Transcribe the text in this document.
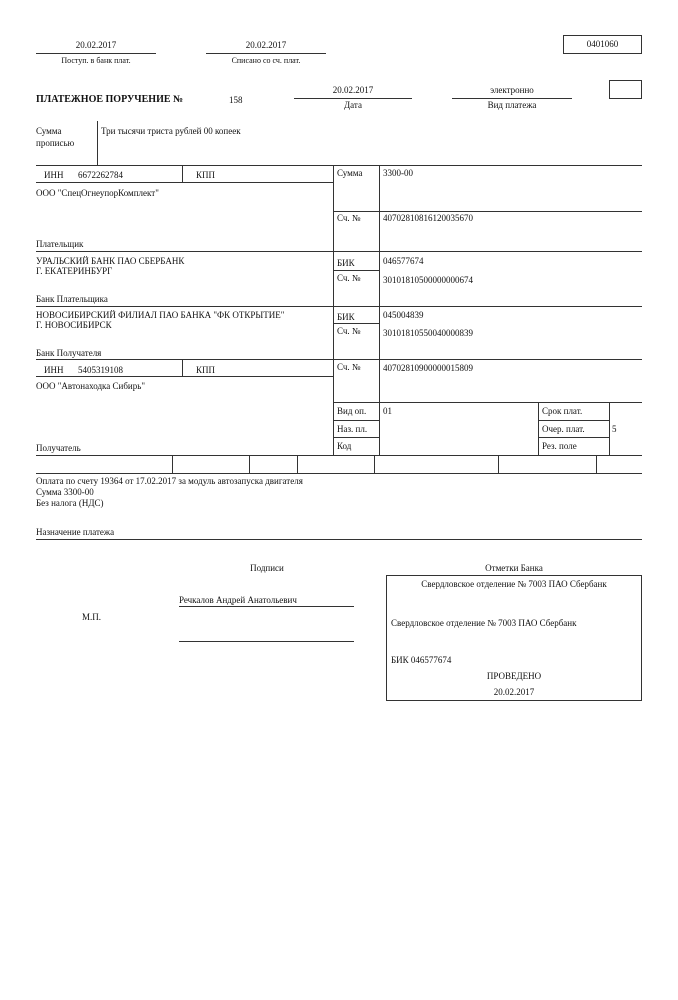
20.02.2017
Поступ. в банк плат.
20.02.2017
Списано со сч. плат.
0401060
ПЛАТЕЖНОЕ ПОРУЧЕНИЕ №	158
20.02.2017
Дата
электронно
Вид платежа
Сумма прописью
Три тысячи триста рублей 00 копеек
ИНН 6672262784	КПП
ООО "СпецОгнеупорКомплект"
Плательщик
Сумма 3300-00
Сч. №	40702810816120035670
УРАЛЬСКИЙ БАНК ПАО СБЕРБАНК
Г. ЕКАТЕРИНБУРГ
Банк Плательщика
БИК	046577674
Сч. №	30101810500000000674
НОВОСИБИРСКИЙ ФИЛИАЛ ПАО БАНКА "ФК ОТКРЫТИЕ"
Г. НОВОСИБИРСК
Банк Получателя
БИК	045004839
Сч. №	30101810550040000839
ИНН 5405319108	КПП
ООО "Автонаходка Сибирь"
Получатель
Сч. №	40702810900000015809
Вид оп. 01
Наз. пл.
Код
Срок плат.
Очер. плат.	5
Рез. поле
Оплата по счету 19364 от 17.02.2017 за модуль автозапуска двигателя
Сумма 3300-00
Без налога (НДС)
Назначение платежа
Подписи
Речкалов Андрей Анатольевич
М.П.
Отметки Банка
Свердловское отделение № 7003 ПАО Сбербанк
Свердловское отделение № 7003 ПАО Сбербанк
БИК 046577674
ПРОВЕДЕНО
20.02.2017
